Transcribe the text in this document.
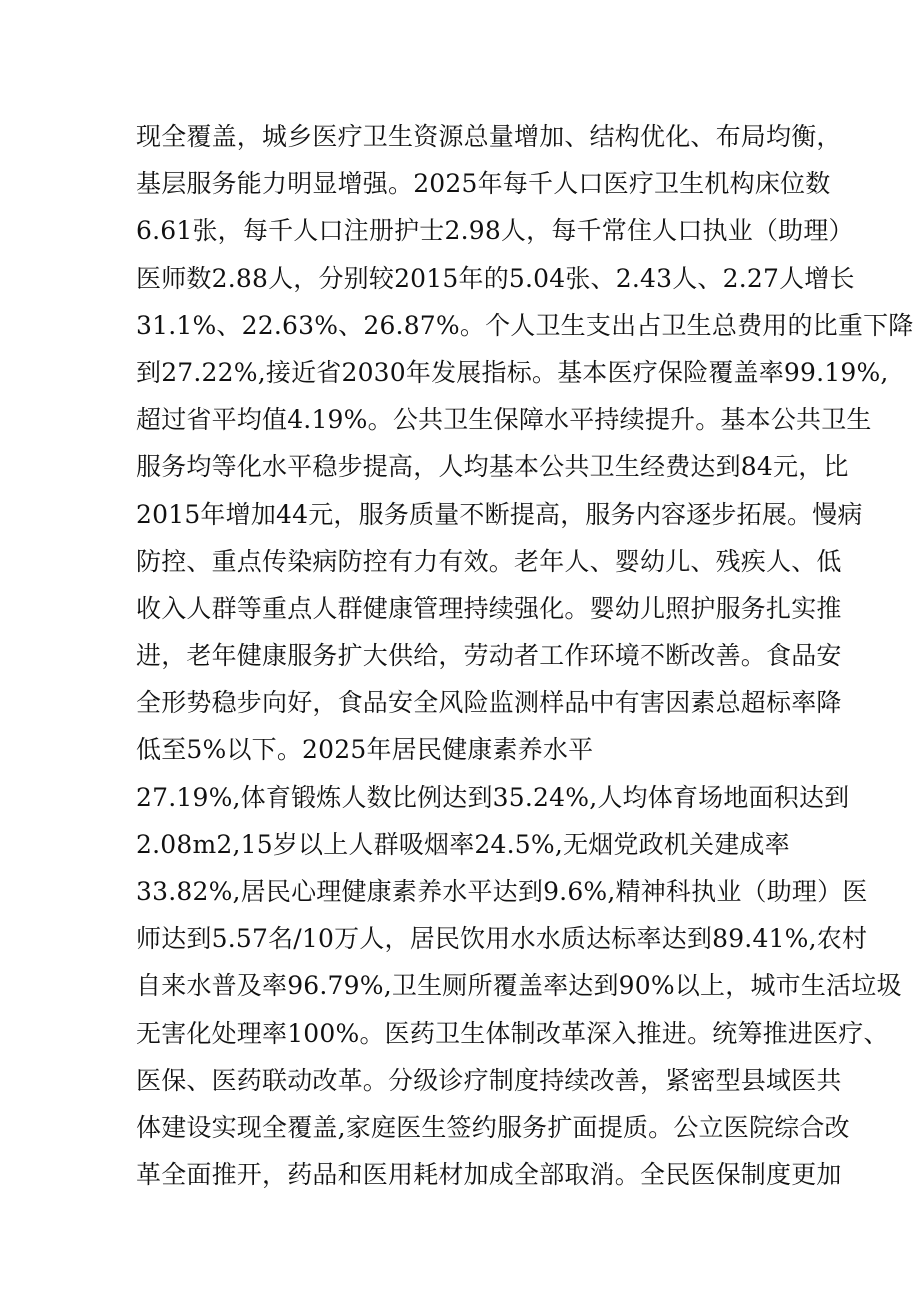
现全覆盖，城乡医疗卫生资源总量增加、结构优化、布局均衡，
基层服务能力明显增强。2025年每千人口医疗卫生机构床位数
6.61张，每千人口注册护士2.98人，每千常住人口执业（助理）
医师数2.88人，分别较2015年的5.04张、2.43人、2.27人增长
31.1%、22.63%、26.87%。个人卫生支出占卫生总费用的比重下降
到27.22%,接近省2030年发展指标。基本医疗保险覆盖率99.19%,
超过省平均值4.19%。公共卫生保障水平持续提升。基本公共卫生
服务均等化水平稳步提高，人均基本公共卫生经费达到84元，比
2015年增加44元，服务质量不断提高，服务内容逐步拓展。慢病
防控、重点传染病防控有力有效。老年人、婴幼儿、残疾人、低
收入人群等重点人群健康管理持续强化。婴幼儿照护服务扎实推
进，老年健康服务扩大供给，劳动者工作环境不断改善。食品安
全形势稳步向好，食品安全风险监测样品中有害因素总超标率降
低至5%以下。2025年居民健康素养水平
27.19%,体育锻炼人数比例达到35.24%,人均体育场地面积达到
2.08m2,15岁以上人群吸烟率24.5%,无烟党政机关建成率
33.82%,居民心理健康素养水平达到9.6%,精神科执业（助理）医
师达到5.57名/10万人，居民饮用水水质达标率达到89.41%,农村
自来水普及率96.79%,卫生厕所覆盖率达到90%以上，城市生活垃圾
无害化处理率100%。医药卫生体制改革深入推进。统筹推进医疗、
医保、医药联动改革。分级诊疗制度持续改善，紧密型县域医共
体建设实现全覆盖,家庭医生签约服务扩面提质。公立医院综合改
革全面推开，药品和医用耗材加成全部取消。全民医保制度更加
